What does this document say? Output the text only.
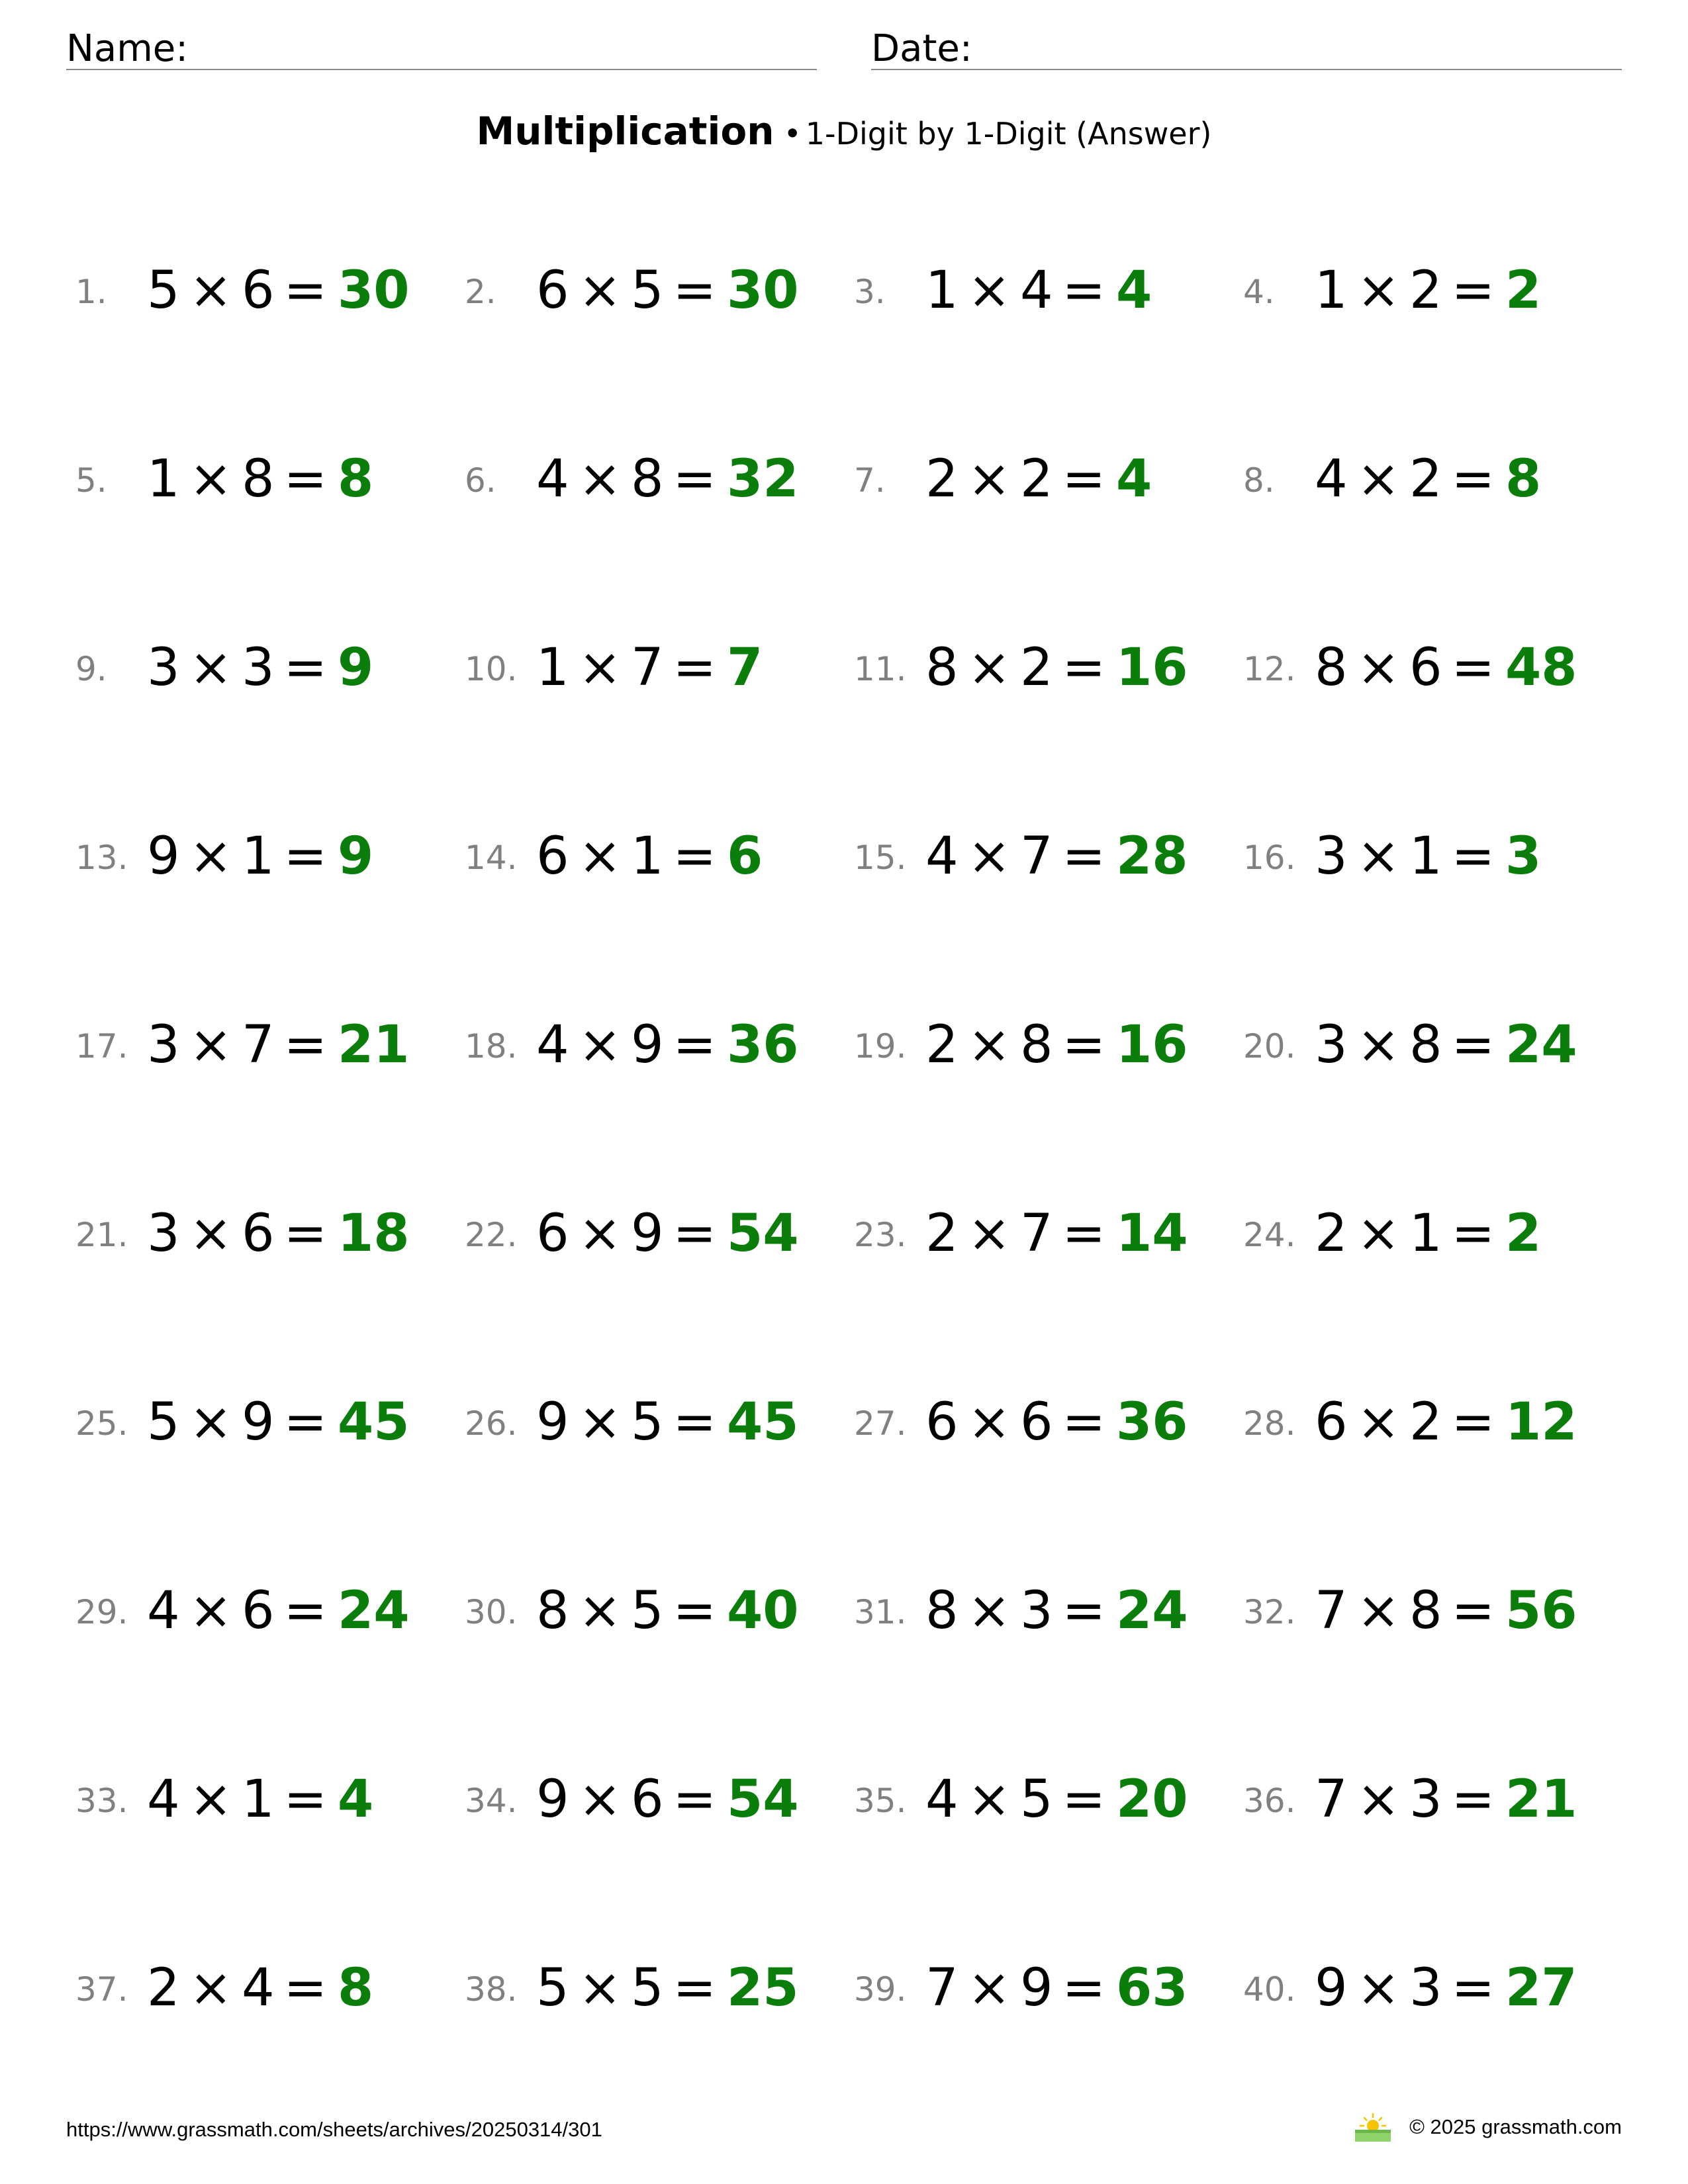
Name:	Date:
Multiplication • 1-Digit by 1-Digit (Answer)
1. 5 × 6 = 30 2. 6 × 5 = 30 3. 1 × 4 = 4	4. 1 × 2 = 2
5. 1 × 8 = 8	6. 4 × 8 = 32 7. 2 × 2 = 4	8. 4 × 2 = 8
9. 3 × 3 = 9	10. 1 × 7 = 7	11. 8 × 2 = 16 12. 8 × 6 = 48
13. 9 × 1 = 9	14. 6 × 1 = 6	15. 4 × 7 = 28 16. 3 × 1 = 3
17. 3 × 7 = 21 18. 4 × 9 = 36 19. 2 × 8 = 16 20. 3 × 8 = 24
21. 3 × 6 = 18 22. 6 × 9 = 54 23. 2 × 7 = 14 24. 2 × 1 = 2
25. 5 × 9 = 45 26. 9 × 5 = 45 27. 6 × 6 = 36 28. 6 × 2 = 12
29. 4 × 6 = 24 30. 8 × 5 = 40 31. 8 × 3 = 24 32. 7 × 8 = 56
33. 4 × 1 = 4	34. 9 × 6 = 54 35. 4 × 5 = 20 36. 7 × 3 = 21
37. 2 × 4 = 8	38. 5 × 5 = 25 39. 7 × 9 = 63 40. 9 × 3 = 27
https://www.grassmath.com/sheets/archives/20250314/301	© 2025 grassmath.com
